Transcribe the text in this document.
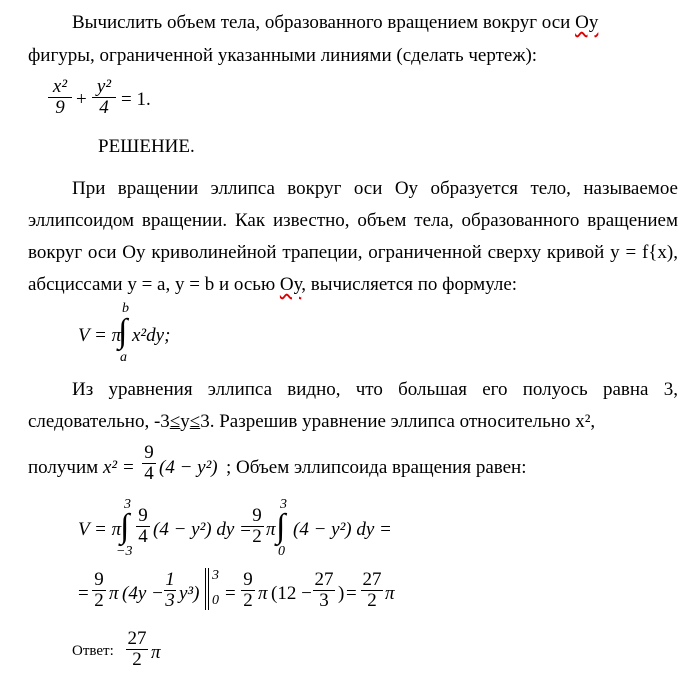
Вычислить объем тела, образованного вращением вокруг оси Оу
фигуры, ограниченной указанными линиями (сделать чертеж):
x²
9 +
y²
4 = 1.
РЕШЕНИЕ.
При вращении эллипса вокруг оси Оу образуется тело, называемое
эллипсоидом вращении. Как известно, объем тела, образованного вращением
вокруг оси Оу криволинейной трапеции, ограниченной сверху кривой y = f{x),
абсциссами y = a, y = b и осью Оу, вычисляется по формуле:
V = π
b
∫
a
x²dy;
Из уравнения эллипса видно, что большая его полуось равна 3,
следовательно, -3≤y≤3. Разрешив уравнение эллипса относительно x²,
получим x² =
9
4 (4 − y²) ; Объем эллипсоида вращения равен:
V = π
3
∫
−3
9
4 (4 − y²) dy =
9
2 π
3
∫
0
(4 − y²) dy =
=
9
2 π (4y −
1
3 y³)
3
0 =
9
2 π (12 −
27
3 ) =
27
2 π
Ответ:
27
2 π
